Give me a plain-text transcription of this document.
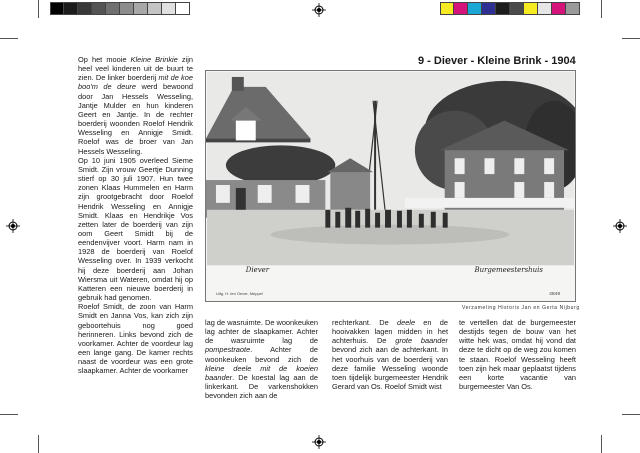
9 - Diever - Kleine Brink - 1904

Op het mooie Kleine Brinkie zijn heel veel kinderen uit de buurt te zien. De linker boerderij mit de koe boo'm de deure werd bewoond door Jan Hessels Wesseling, Jantje Mulder en hun kinderen Geert en Jantje. In de rechter boerderij woonden Roelof Hendrik Wesseling en Annigje Smidt. Roelof was de broer van Jan Hessels Wesseling.

Op 10 juni 1905 overleed Sieme Smidt. Zijn vrouw Geertje Dunning stierf op 30 juli 1907. Hun twee zonen Klaas Hummelen en Harm zijn grootgebracht door Roelof Hendrik Wesseling en Annigje Smidt. Klaas en Hendrikje Vos zetten later de boerderij van zijn oom Geert Smidt bij de eendenvijver voort. Harm nam in 1928 de boerderij van Roelof Wesseling over. In 1939 verkocht hij deze boerderij aan Johan Wiersma uit Wateren, omdat hij op Katteren een nieuwe boerderij in gebruik had genomen.

Roelof Smidt, de zoon van Harm Smidt en Janna Vos, kan zich zijn geboortehuis nog goed herinneren. Links bevond zich de voorkamer. Achter de voordeur lag een lange gang. De kamer rechts naast de voordeur was een grote slaapkamer. Achter de voorkamer

Diever	Burgemeestershuis
Uitg. H. ten Oever, Meppel	4849
Verzameling Historis Jan en Gerta Nijburg

lag de wasruimte. De woonkeuken lag achter de slaapkamer. Achter de wasruimte lag de pompestraote. Achter de woonkeuken bevond zich de kleine deele mit de koeien baander. De koestal lag aan de linkerkant. De varkenshokken bevonden zich aan de

rechterkant. De deele en de hooivakken lagen midden in het achterhuis. De grote baander bevond zich aan de achterkant. In het voorhuis van de boerderij van deze familie Wesseling woonde toen tijdelijk burgemeester Hendrik Gerard van Os. Roelof Smidt wist

te vertellen dat de burgemeester destijds tegen de bouw van het witte hek was, omdat hij vond dat deze te dicht op de weg zou komen te staan. Roelof Wesseling heeft toen zijn hek maar geplaatst tijdens een korte vacantie van burgemeester Van Os.
